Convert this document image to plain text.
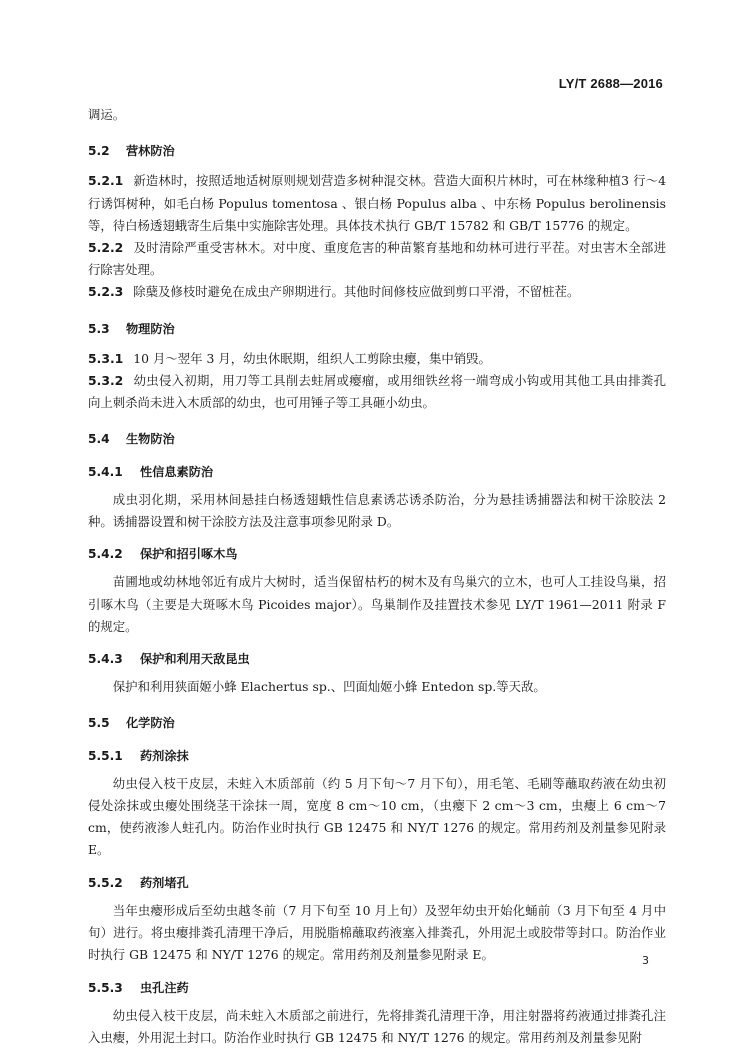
LY/T 2688—2016
调运。
5.2 营林防治
5.2.1 新造林时，按照适地适树原则规划营造多树种混交林。营造大面积片林时，可在林缘种植3 行～4 行诱饵树种，如毛白杨 Populus tomentosa 、银白杨 Populus alba 、中东杨 Populus berolinensis 等，待白杨透翅蛾寄生后集中实施除害处理。具体技术执行 GB/T 15782 和 GB/T 15776 的规定。
5.2.2 及时清除严重受害林木。对中度、重度危害的种苗繁育基地和幼林可进行平茬。对虫害木全部进行除害处理。
5.2.3 除蘖及修枝时避免在成虫产卵期进行。其他时间修枝应做到剪口平滑，不留桩茬。
5.3 物理防治
5.3.1 10 月～翌年 3 月，幼虫休眠期，组织人工剪除虫瘿，集中销毁。
5.3.2 幼虫侵入初期，用刀等工具削去蛀屑或瘿瘤，或用细铁丝将一端弯成小钩或用其他工具由排粪孔向上刺杀尚未进入木质部的幼虫，也可用锤子等工具砸小幼虫。
5.4 生物防治
5.4.1 性信息素防治
成虫羽化期，采用林间悬挂白杨透翅蛾性信息素诱芯诱杀防治，分为悬挂诱捕器法和树干涂胶法 2 种。诱捕器设置和树干涂胶方法及注意事项参见附录 D。
5.4.2 保护和招引啄木鸟
苗圃地或幼林地邻近有成片大树时，适当保留枯朽的树木及有鸟巢穴的立木，也可人工挂设鸟巢，招引啄木鸟（主要是大斑啄木鸟 Picoides major）。鸟巢制作及挂置技术参见 LY/T 1961—2011 附录 F 的规定。
5.4.3 保护和利用天敌昆虫
保护和利用狭面姬小蜂 Elachertus sp.、凹面灿姬小蜂 Entedon sp.等天敌。
5.5 化学防治
5.5.1 药剂涂抹
幼虫侵入枝干皮层，未蛀入木质部前（约 5 月下旬～7 月下旬），用毛笔、毛刷等蘸取药液在幼虫初侵处涂抹或虫瘿处围绕茎干涂抹一周，宽度 8 cm～10 cm，（虫瘿下 2 cm～3 cm，虫瘿上 6 cm～7 cm，使药液渗人蛀孔内。防治作业时执行 GB 12475 和 NY/T 1276 的规定。常用药剂及剂量参见附录 E。
5.5.2 药剂堵孔
当年虫瘿形成后至幼虫越冬前（7 月下旬至 10 月上旬）及翌年幼虫开始化蛹前（3 月下旬至 4 月中旬）进行。将虫瘿排粪孔清理干净后，用脱脂棉蘸取药液塞入排粪孔，外用泥土或胶带等封口。防治作业时执行 GB 12475 和 NY/T 1276 的规定。常用药剂及剂量参见附录 E。
5.5.3 虫孔注药
幼虫侵入枝干皮层，尚未蛀入木质部之前进行，先将排粪孔清理干净，用注射器将药液通过排粪孔注入虫瘿，外用泥土封口。防治作业时执行 GB 12475 和 NY/T 1276 的规定。常用药剂及剂量参见附
3
